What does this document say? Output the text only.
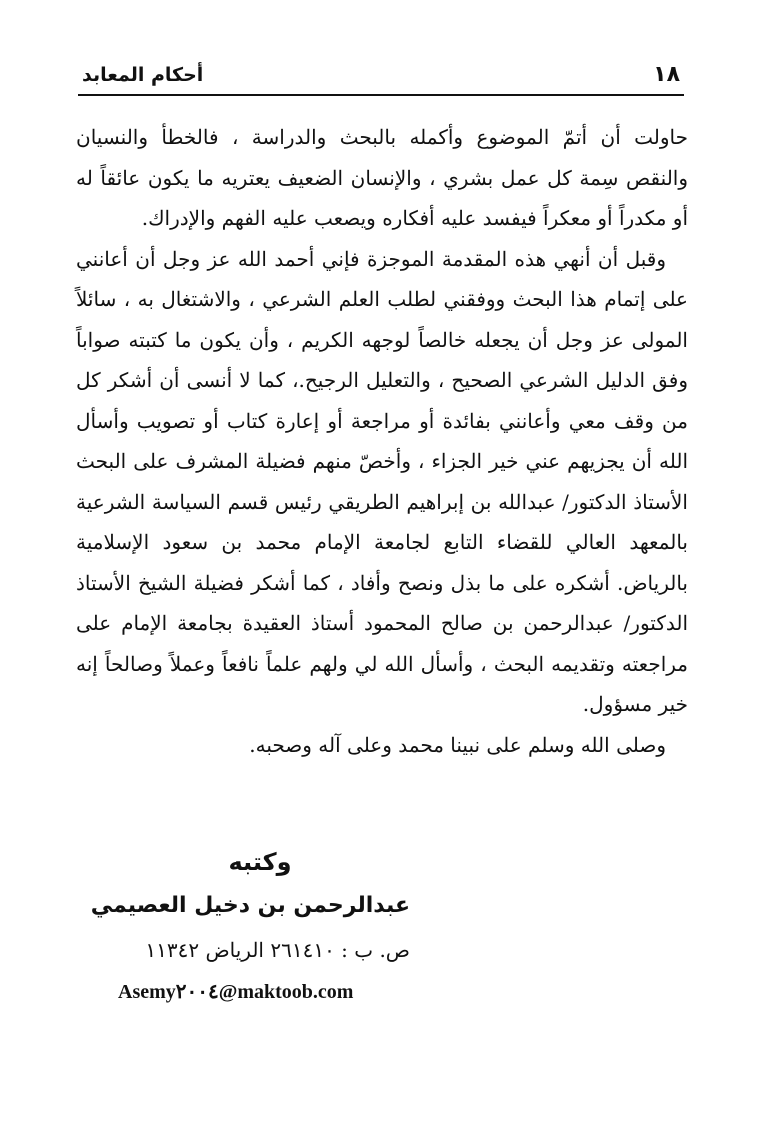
١٨
أحكام المعابد

حاولت أن أتمّ الموضوع وأكمله بالبحث والدراسة ، فالخطأ والنسيان والنقص سِمة كل عمل بشري ، والإنسان الضعيف يعتريه ما يكون عائقاً له أو مكدراً أو معكراً فيفسد عليه أفكاره ويصعب عليه الفهم والإدراك.

وقبل أن أنهي هذه المقدمة الموجزة فإني أحمد الله عز وجل أن أعانني على إتمام هذا البحث ووفقني لطلب العلم الشرعي ، والاشتغال به ، سائلاً المولى عز وجل أن يجعله خالصاً لوجهه الكريم ، وأن يكون ما كتبته صواباً وفق الدليل الشرعي الصحيح ، والتعليل الرجيح.، كما لا أنسى أن أشكر كل من وقف معي وأعانني بفائدة أو مراجعة أو إعارة كتاب أو تصويب وأسأل الله أن يجزيهم عني خير الجزاء ، وأخصّ منهم فضيلة المشرف على البحث الأستاذ الدكتور/ عبدالله بن إبراهيم الطريقي رئيس قسم السياسة الشرعية بالمعهد العالي للقضاء التابع لجامعة الإمام محمد بن سعود الإسلامية بالرياض. أشكره على ما بذل ونصح وأفاد ، كما أشكر فضيلة الشيخ الأستاذ الدكتور/ عبدالرحمن بن صالح المحمود أستاذ العقيدة بجامعة الإمام على مراجعته وتقديمه البحث ، وأسأل الله لي ولهم علماً نافعاً وعملاً وصالحاً إنه خير مسؤول.

وصلى الله وسلم على نبينا محمد وعلى آله وصحبه.

وكتبه
عبدالرحمن بن دخيل العصيمي
ص. ب : ٢٦١٤١٠ الرياض ١١٣٤٢
Asemy٢٠٠٤@maktoob.com
